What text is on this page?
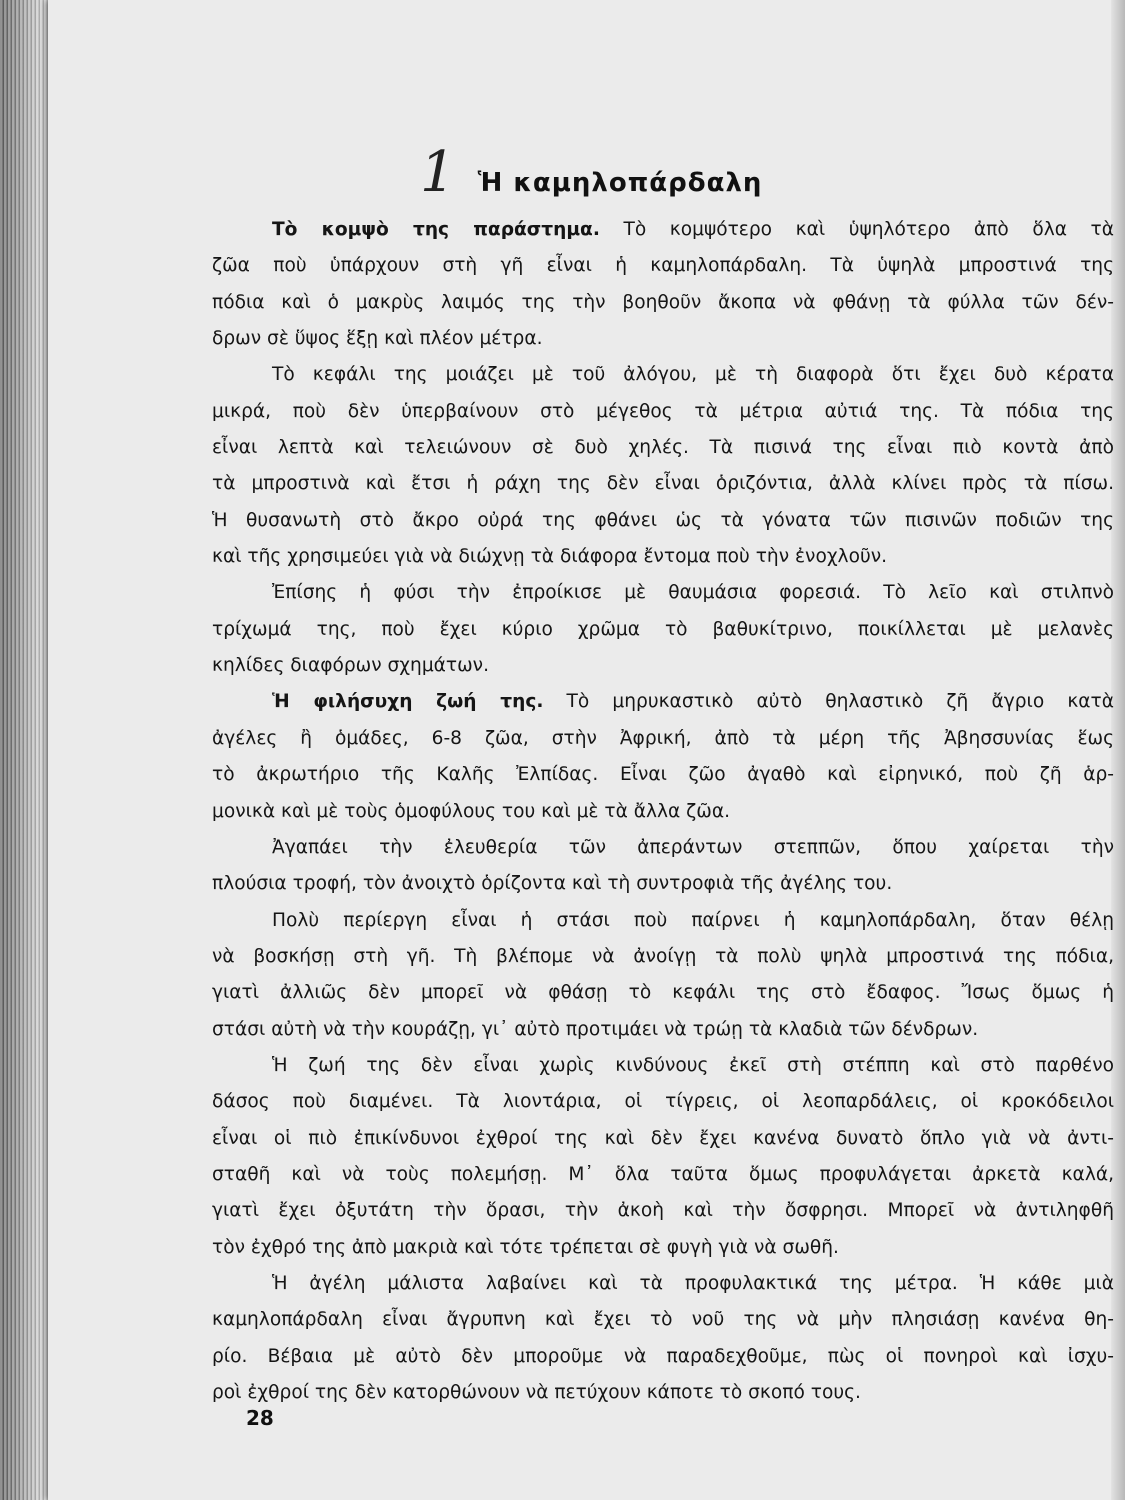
1 Ἡ καμηλοπάρδαλη
Τὸ κομψὸ της παράστημα. Τὸ κομψότερο καὶ ὑψηλότερο ἀπὸ ὅλα τὰ
ζῶα ποὺ ὑπάρχουν στὴ γῆ εἶναι ἡ καμηλοπάρδαλη. Τὰ ὑψηλὰ μπροστινά της
πόδια καὶ ὁ μακρὺς λαιμός της τὴν βοηθοῦν ἄκοπα νὰ φθάνῃ τὰ φύλλα τῶν δέν-
δρων σὲ ὕψος ἕξῃ καὶ πλέον μέτρα.
Τὸ κεφάλι της μοιάζει μὲ τοῦ ἀλόγου, μὲ τὴ διαφορὰ ὅτι ἔχει δυὸ κέρατα
μικρά, ποὺ δὲν ὑπερβαίνουν στὸ μέγεθος τὰ μέτρια αὐτιά της. Τὰ πόδια της
εἶναι λεπτὰ καὶ τελειώνουν σὲ δυὸ χηλές. Τὰ πισινά της εἶναι πιὸ κοντὰ ἀπὸ
τὰ μπροστινὰ καὶ ἔτσι ἡ ράχη της δὲν εἶναι ὁριζόντια, ἀλλὰ κλίνει πρὸς τὰ πίσω.
Ἡ θυσανωτὴ στὸ ἄκρο οὐρά της φθάνει ὡς τὰ γόνατα τῶν πισινῶν ποδιῶν της
καὶ τῆς χρησιμεύει γιὰ νὰ διώχνῃ τὰ διάφορα ἔντομα ποὺ τὴν ἐνοχλοῦν.
Ἐπίσης ἡ φύσι τὴν ἐπροίκισε μὲ θαυμάσια φορεσιά. Τὸ λεῖο καὶ στιλπνὸ
τρίχωμά της, ποὺ ἔχει κύριο χρῶμα τὸ βαθυκίτρινο, ποικίλλεται μὲ μελανὲς
κηλίδες διαφόρων σχημάτων.
Ἡ φιλήσυχη ζωή της. Τὸ μηρυκαστικὸ αὐτὸ θηλαστικὸ ζῆ ἄγριο κατὰ
ἀγέλες ἢ ὁμάδες, 6-8 ζῶα, στὴν Ἀφρική, ἀπὸ τὰ μέρη τῆς Ἀβησσυνίας ἕως
τὸ ἀκρωτήριο τῆς Καλῆς Ἐλπίδας. Εἶναι ζῶο ἀγαθὸ καὶ εἰρηνικό, ποὺ ζῆ ἁρ-
μονικὰ καὶ μὲ τοὺς ὁμοφύλους του καὶ μὲ τὰ ἄλλα ζῶα.
Ἀγαπάει τὴν ἐλευθερία τῶν ἀπεράντων στεππῶν, ὅπου χαίρεται τὴν
πλούσια τροφή, τὸν ἀνοιχτὸ ὁρίζοντα καὶ τὴ συντροφιὰ τῆς ἀγέλης του.
Πολὺ περίεργη εἶναι ἡ στάσι ποὺ παίρνει ἡ καμηλοπάρδαλη, ὅταν θέλῃ
νὰ βοσκήσῃ στὴ γῆ. Τὴ βλέπομε νὰ ἀνοίγῃ τὰ πολὺ ψηλὰ μπροστινά της πόδια,
γιατὶ ἀλλιῶς δὲν μπορεῖ νὰ φθάσῃ τὸ κεφάλι της στὸ ἔδαφος. Ἴσως ὅμως ἡ
στάσι αὐτὴ νὰ τὴν κουράζῃ, γι᾿ αὐτὸ προτιμάει νὰ τρώῃ τὰ κλαδιὰ τῶν δένδρων.
Ἡ ζωή της δὲν εἶναι χωρὶς κινδύνους ἐκεῖ στὴ στέππη καὶ στὸ παρθένο
δάσος ποὺ διαμένει. Τὰ λιοντάρια, οἱ τίγρεις, οἱ λεοπαρδάλεις, οἱ κροκόδειλοι
εἶναι οἱ πιὸ ἐπικίνδυνοι ἐχθροί της καὶ δὲν ἔχει κανένα δυνατὸ ὅπλο γιὰ νὰ ἀντι-
σταθῆ καὶ νὰ τοὺς πολεμήσῃ. Μ᾿ ὅλα ταῦτα ὅμως προφυλάγεται ἀρκετὰ καλά,
γιατὶ ἔχει ὀξυτάτη τὴν ὅρασι, τὴν ἀκοὴ καὶ τὴν ὄσφρησι. Μπορεῖ νὰ ἀντιληφθῆ
τὸν ἐχθρό της ἀπὸ μακριὰ καὶ τότε τρέπεται σὲ φυγὴ γιὰ νὰ σωθῆ.
Ἡ ἀγέλη μάλιστα λαβαίνει καὶ τὰ προφυλακτικά της μέτρα. Ἡ κάθε μιὰ
καμηλοπάρδαλη εἶναι ἄγρυπνη καὶ ἔχει τὸ νοῦ της νὰ μὴν πλησιάσῃ κανένα θη-
ρίο. Βέβαια μὲ αὐτὸ δὲν μποροῦμε νὰ παραδεχθοῦμε, πὼς οἱ πονηροὶ καὶ ἰσχυ-
ροὶ ἐχθροί της δὲν κατορθώνουν νὰ πετύχουν κάποτε τὸ σκοπό τους.
28
